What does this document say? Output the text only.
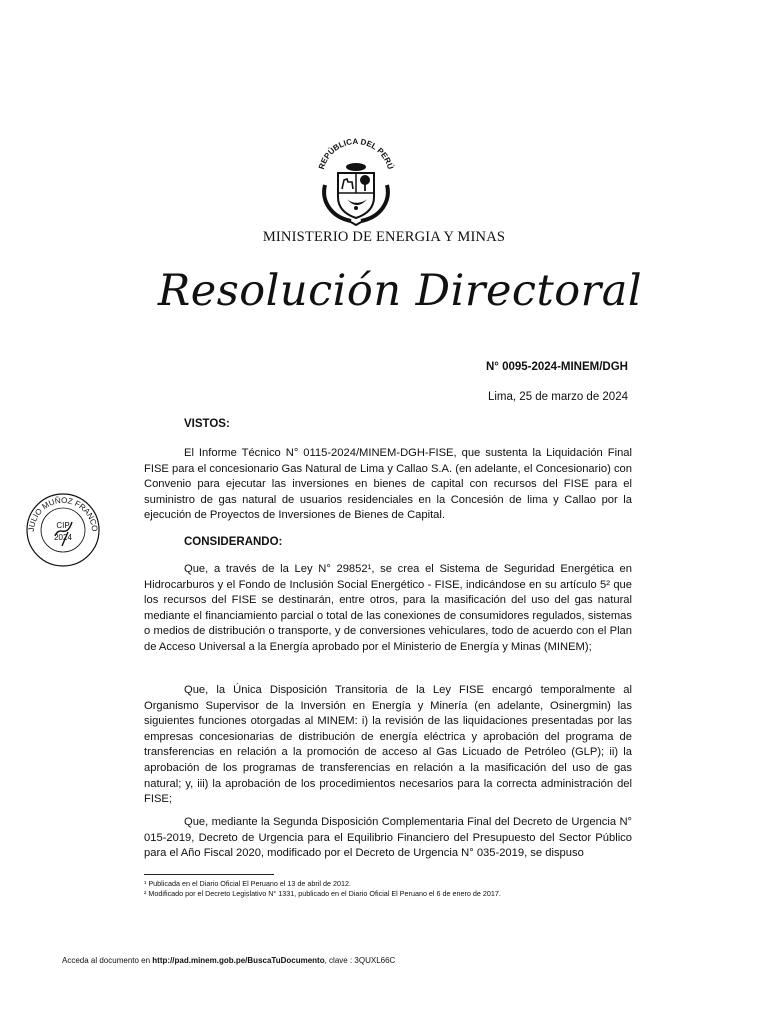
REPÚBLICA DEL PERÚ
MINISTERIO DE ENERGIA Y MINAS
Resolución Directoral
N° 0095-2024-MINEM/DGH
Lima, 25 de marzo de 2024
VISTOS:
El Informe Técnico N° 0115-2024/MINEM-DGH-FISE, que sustenta la Liquidación Final FISE para el concesionario Gas Natural de Lima y Callao S.A. (en adelante, el Concesionario) con Convenio para ejecutar las inversiones en bienes de capital con recursos del FISE para el suministro de gas natural de usuarios residenciales en la Concesión de lima y Callao por la ejecución de Proyectos de Inversiones de Bienes de Capital.
CONSIDERANDO:
Que, a través de la Ley N° 29852¹, se crea el Sistema de Seguridad Energética en Hidrocarburos y el Fondo de Inclusión Social Energético - FISE, indicándose en su artículo 5² que los recursos del FISE se destinarán, entre otros, para la masificación del uso del gas natural mediante el financiamiento parcial o total de las conexiones de consumidores regulados, sistemas o medios de distribución o transporte, y de conversiones vehiculares, todo de acuerdo con el Plan de Acceso Universal a la Energía aprobado por el Ministerio de Energía y Minas (MINEM);
Que, la Única Disposición Transitoria de la Ley FISE encargó temporalmente al Organismo Supervisor de la Inversión en Energía y Minería (en adelante, Osinergmin) las siguientes funciones otorgadas al MINEM: i) la revisión de las liquidaciones presentadas por las empresas concesionarias de distribución de energía eléctrica y aprobación del programa de transferencias en relación a la promoción de acceso al Gas Licuado de Petróleo (GLP); ii) la aprobación de los programas de transferencias en relación a la masificación del uso de gas natural; y, iii) la aprobación de los procedimientos necesarios para la correcta administración del FISE;
Que, mediante la Segunda Disposición Complementaria Final del Decreto de Urgencia N° 015-2019, Decreto de Urgencia para el Equilibrio Financiero del Presupuesto del Sector Público para el Año Fiscal 2020, modificado por el Decreto de Urgencia N° 035-2019, se dispuso
¹ Publicada en el Diario Oficial El Peruano el 13 de abril de 2012.
² Modificado por el Decreto Legislativo N° 1331, publicado en el Diario Oficial El Peruano el 6 de enero de 2017.
Acceda al documento en http://pad.minem.gob.pe/BuscaTuDocumento, clave : 3QUXL66C
JULIO MUÑOZ FRANCO
CIP
2024
